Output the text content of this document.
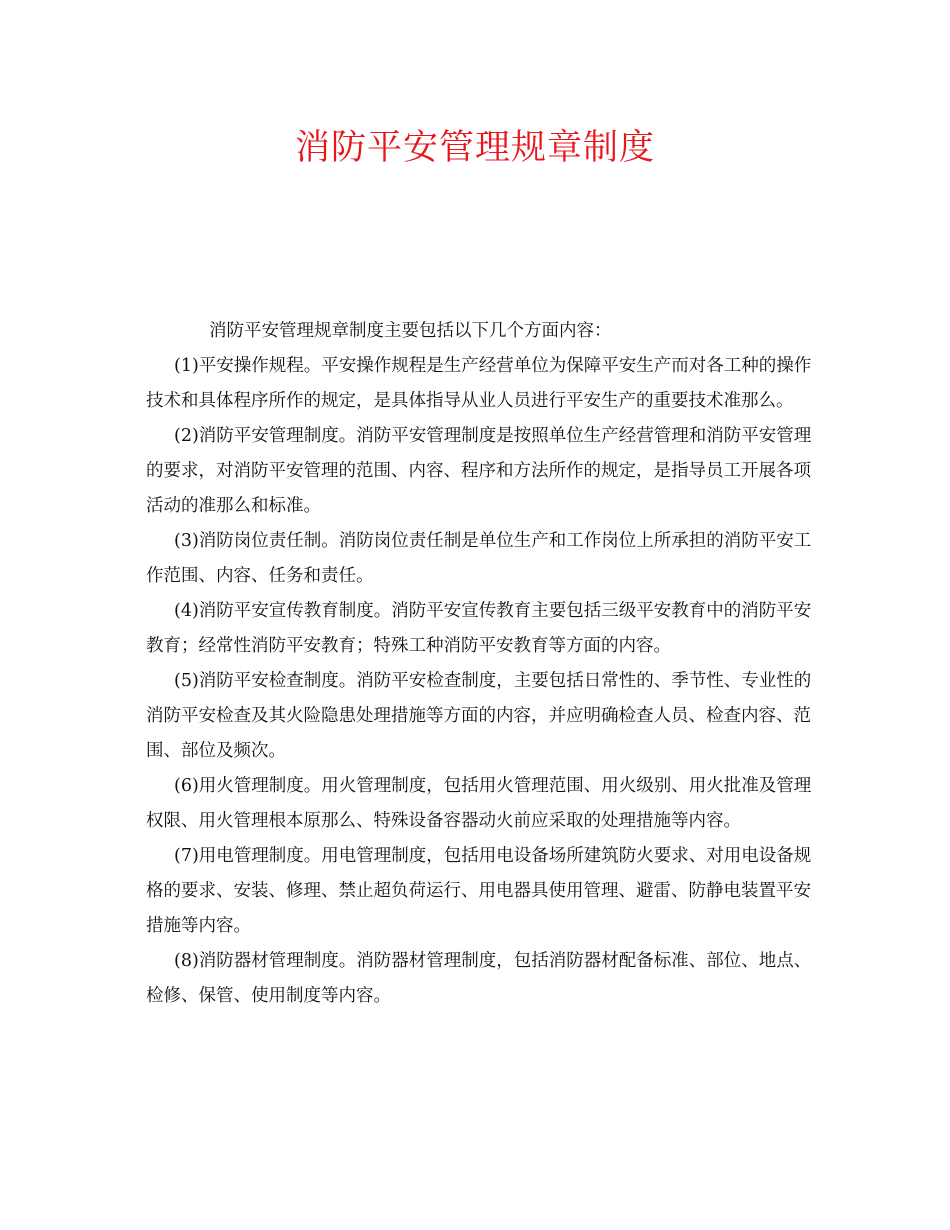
消防平安管理规章制度

消防平安管理规章制度主要包括以下几个方面内容：

(1)平安操作规程。平安操作规程是生产经营单位为保障平安生产而对各工种的操作技术和具体程序所作的规定，是具体指导从业人员进行平安生产的重要技术准那么。

(2)消防平安管理制度。消防平安管理制度是按照单位生产经营管理和消防平安管理的要求，对消防平安管理的范围、内容、程序和方法所作的规定，是指导员工开展各项活动的准那么和标准。

(3)消防岗位责任制。消防岗位责任制是单位生产和工作岗位上所承担的消防平安工作范围、内容、任务和责任。

(4)消防平安宣传教育制度。消防平安宣传教育主要包括三级平安教育中的消防平安教育；经常性消防平安教育；特殊工种消防平安教育等方面的内容。

(5)消防平安检查制度。消防平安检查制度，主要包括日常性的、季节性、专业性的消防平安检查及其火险隐患处理措施等方面的内容，并应明确检查人员、检查内容、范围、部位及频次。

(6)用火管理制度。用火管理制度，包括用火管理范围、用火级别、用火批准及管理权限、用火管理根本原那么、特殊设备容器动火前应采取的处理措施等内容。

(7)用电管理制度。用电管理制度，包括用电设备场所建筑防火要求、对用电设备规格的要求、安装、修理、禁止超负荷运行、用电器具使用管理、避雷、防静电装置平安措施等内容。

(8)消防器材管理制度。消防器材管理制度，包括消防器材配备标准、部位、地点、检修、保管、使用制度等内容。
